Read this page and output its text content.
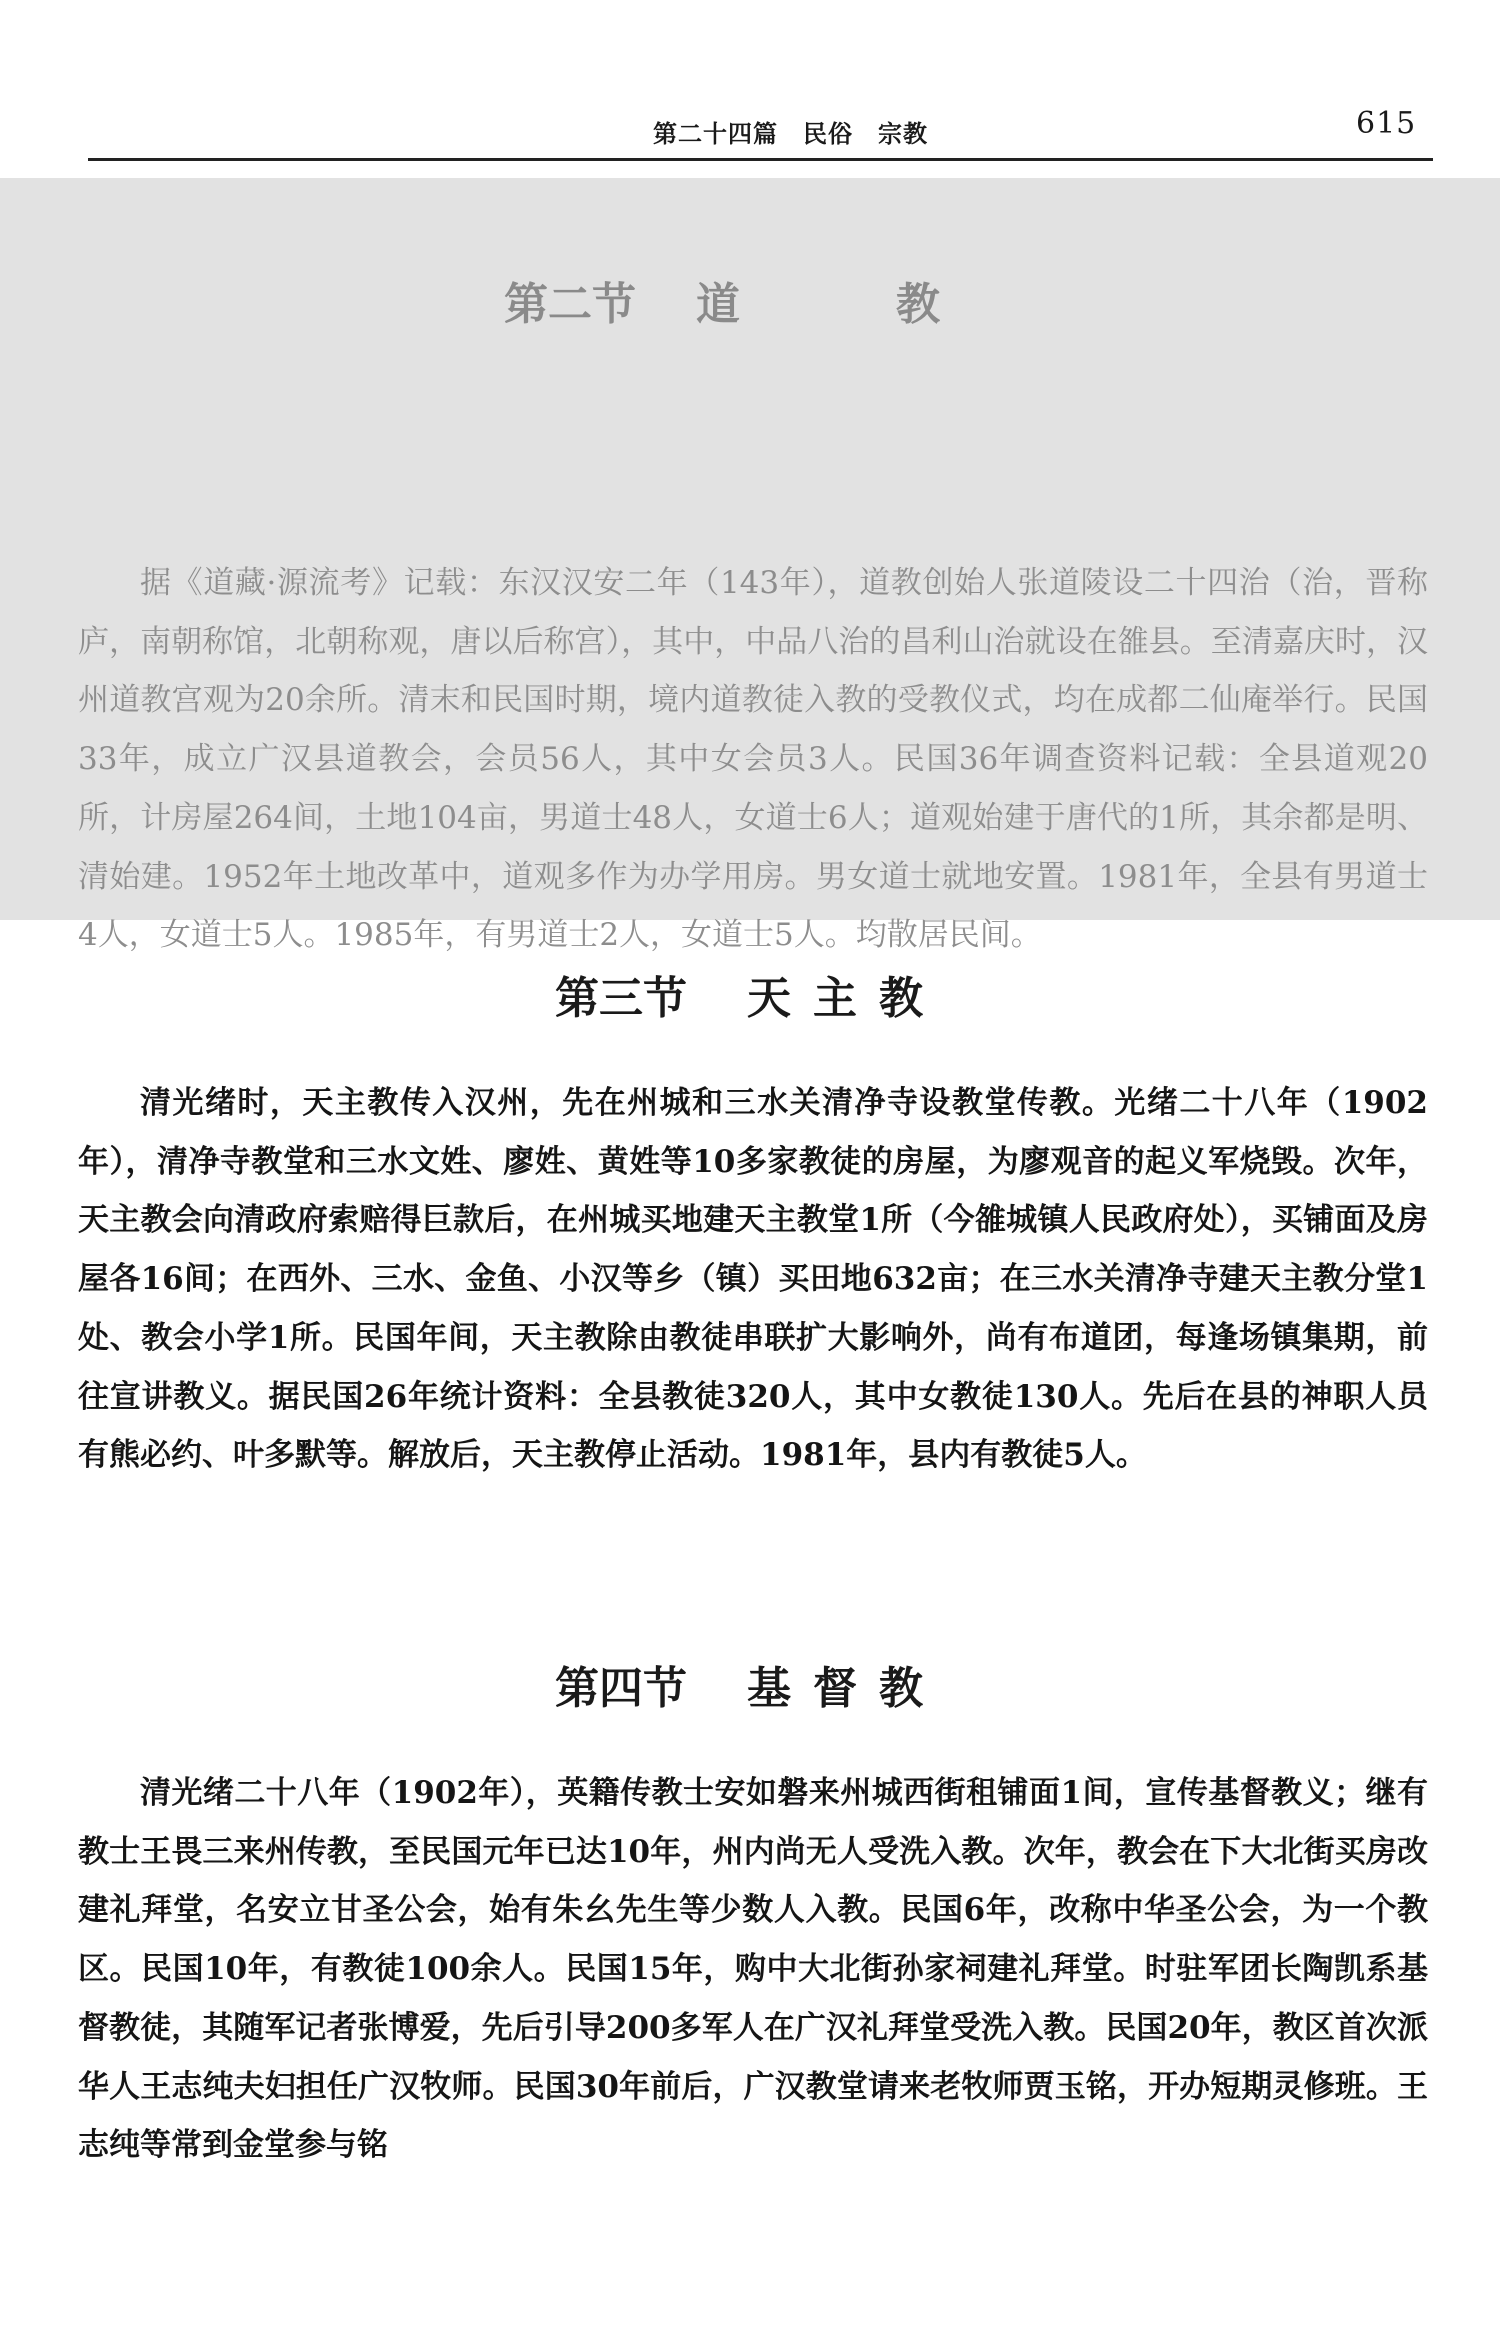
第二十四篇　民俗　宗教	615
第二节 道　教

据《道藏·源流考》记载：东汉汉安二年（143年），道教创始人张道陵设二十四治（治，晋称庐，南朝称馆，北朝称观，唐以后称宫），其中，中品八治的昌利山治就设在雒县。至清嘉庆时，汉州道教宫观为20余所。清末和民国时期，境内道教徒入教的受教仪式，均在成都二仙庵举行。民国33年，成立广汉县道教会，会员56人，其中女会员3人。民国36年调查资料记载：全县道观20所，计房屋264间，土地104亩，男道士48人，女道士6人；道观始建于唐代的1所，其余都是明、清始建。1952年土地改革中，道观多作为办学用房。男女道士就地安置。1981年，全县有男道士4人，女道士5人。1985年，有男道士2人，女道士5人。均散居民间。

第三节 天主教

清光绪时，天主教传入汉州，先在州城和三水关清净寺设教堂传教。光绪二十八年（1902年），清净寺教堂和三水文姓、廖姓、黄姓等10多家教徒的房屋，为廖观音的起义军烧毁。次年，天主教会向清政府索赔得巨款后，在州城买地建天主教堂1所（今雒城镇人民政府处），买铺面及房屋各16间；在西外、三水、金鱼、小汉等乡（镇）买田地632亩；在三水关清净寺建天主教分堂1处、教会小学1所。民国年间，天主教除由教徒串联扩大影响外，尚有布道团，每逢场镇集期，前往宣讲教义。据民国26年统计资料：全县教徒320人，其中女教徒130人。先后在县的神职人员有熊必约、叶多默等。解放后，天主教停止活动。1981年，县内有教徒5人。

第四节 基督教

清光绪二十八年（1902年），英籍传教士安如磐来州城西街租铺面1间，宣传基督教义；继有教士王畏三来州传教，至民国元年已达10年，州内尚无人受洗入教。次年，教会在下大北街买房改建礼拜堂，名安立甘圣公会，始有朱幺先生等少数人入教。民国6年，改称中华圣公会，为一个教区。民国10年，有教徒100余人。民国15年，购中大北街孙家祠建礼拜堂。时驻军团长陶凯系基督教徒，其随军记者张博爱，先后引导200多军人在广汉礼拜堂受洗入教。民国20年，教区首次派华人王志纯夫妇担任广汉牧师。民国30年前后，广汉教堂请来老牧师贾玉铭，开办短期灵修班。王志纯等常到金堂参与铭
